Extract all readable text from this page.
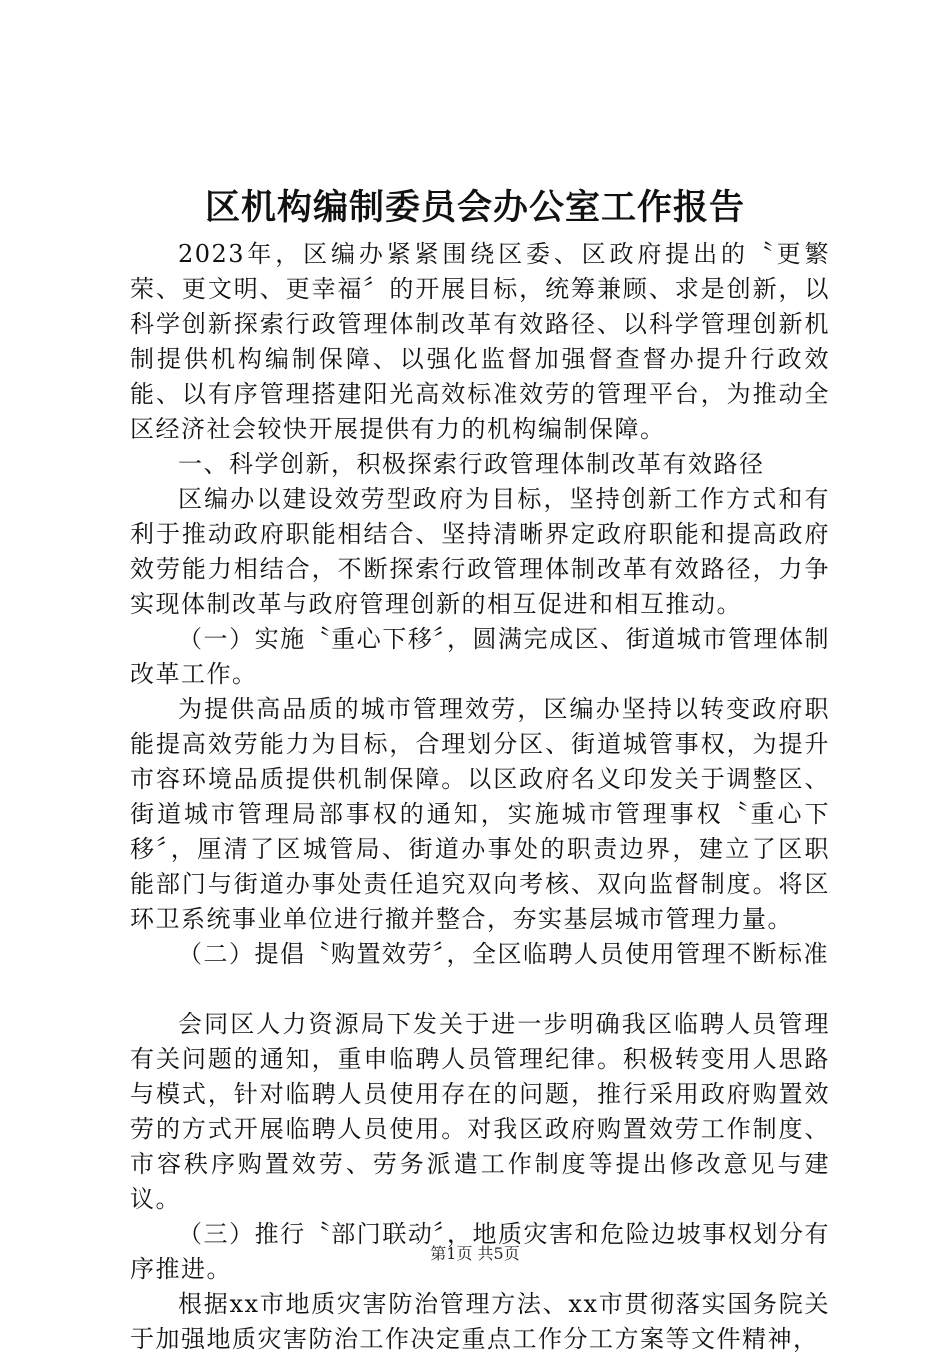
区机构编制委员会办公室工作报告

2023年，区编办紧紧围绕区委、区政府提出的〝更繁荣、更文明、更幸福〞的开展目标，统筹兼顾、求是创新，以科学创新探索行政管理体制改革有效路径、以科学管理创新机制提供机构编制保障、以强化监督加强督查督办提升行政效能、以有序管理搭建阳光高效标准效劳的管理平台，为推动全区经济社会较快开展提供有力的机构编制保障。

一、科学创新，积极探索行政管理体制改革有效路径

区编办以建设效劳型政府为目标，坚持创新工作方式和有利于推动政府职能相结合、坚持清晰界定政府职能和提高政府效劳能力相结合，不断探索行政管理体制改革有效路径，力争实现体制改革与政府管理创新的相互促进和相互推动。

（一）实施〝重心下移〞，圆满完成区、街道城市管理体制改革工作。

为提供高品质的城市管理效劳，区编办坚持以转变政府职能提高效劳能力为目标，合理划分区、街道城管事权，为提升市容环境品质提供机制保障。以区政府名义印发关于调整区、街道城市管理局部事权的通知，实施城市管理事权〝重心下移〞，厘清了区城管局、街道办事处的职责边界，建立了区职能部门与街道办事处责任追究双向考核、双向监督制度。将区环卫系统事业单位进行撤并整合，夯实基层城市管理力量。

（二）提倡〝购置效劳〞，全区临聘人员使用管理不断标准

会同区人力资源局下发关于进一步明确我区临聘人员管理有关问题的通知，重申临聘人员管理纪律。积极转变用人思路与模式，针对临聘人员使用存在的问题，推行采用政府购置效劳的方式开展临聘人员使用。对我区政府购置效劳工作制度、市容秩序购置效劳、劳务派遣工作制度等提出修改意见与建议。

（三）推行〝部门联动〞，地质灾害和危险边坡事权划分有序推进。

根据xx市地质灾害防治管理方法、xx市贯彻落实国务院关于加强地质灾害防治工作决定重点工作分工方案等文件精神，

第1页 共5页
